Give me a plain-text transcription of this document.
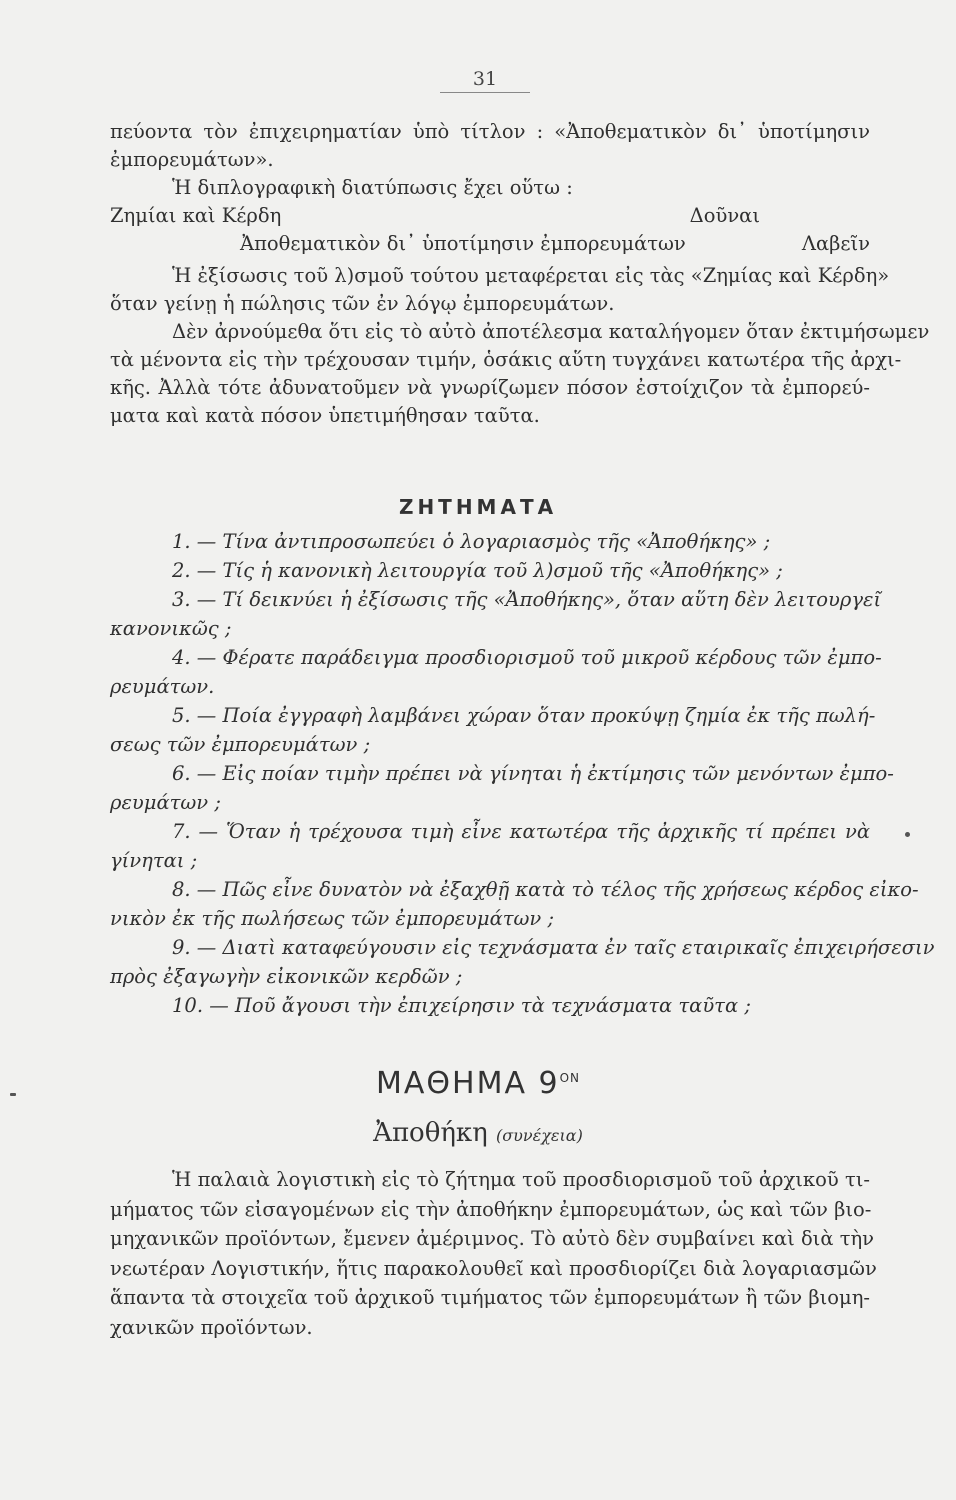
31
πεύοντα τὸν ἐπιχειρηματίαν ὑπὸ τίτλον : «Ἀποθεματικὸν δι᾽ ὑποτίμησιν
ἐμπορευμάτων».
Ἡ διπλογραφικὴ διατύπωσις ἔχει οὕτω :
Ζημίαι καὶ Κέρδη	Δοῦναι
Ἀποθεματικὸν δι᾽ ὑποτίμησιν ἐμπορευμάτων	Λαβεῖν
Ἡ ἐξίσωσις τοῦ λ)σμοῦ τούτου μεταφέρεται εἰς τὰς «Ζημίας καὶ Κέρδη»
ὅταν γείνῃ ἡ πώλησις τῶν ἐν λόγῳ ἐμπορευμάτων.
Δὲν ἀρνούμεθα ὅτι εἰς τὸ αὐτὸ ἀποτέλεσμα καταλήγομεν ὅταν ἐκτιμήσωμεν
τὰ μένοντα εἰς τὴν τρέχουσαν τιμήν, ὁσάκις αὕτη τυγχάνει κατωτέρα τῆς ἀρχι-
κῆς. Ἀλλὰ τότε ἀδυνατοῦμεν νὰ γνωρίζωμεν πόσον ἐστοίχιζον τὰ ἐμπορεύ-
ματα καὶ κατὰ πόσον ὑπετιμήθησαν ταῦτα.
ΖΗΤΗΜΑΤΑ
1. — Τίνα ἀντιπροσωπεύει ὁ λογαριασμὸς τῆς «Ἀποθήκης» ;
2. — Τίς ἡ κανονικὴ λειτουργία τοῦ λ)σμοῦ τῆς «Ἀποθήκης» ;
3. — Τί δεικνύει ἡ ἐξίσωσις τῆς «Ἀποθήκης», ὅταν αὕτη δὲν λειτουργεῖ
κανονικῶς ;
4. — Φέρατε παράδειγμα προσδιορισμοῦ τοῦ μικροῦ κέρδους τῶν ἐμπο-
ρευμάτων.
5. — Ποία ἐγγραφὴ λαμβάνει χώραν ὅταν προκύψῃ ζημία ἐκ τῆς πωλή-
σεως τῶν ἐμπορευμάτων ;
6. — Εἰς ποίαν τιμὴν πρέπει νὰ γίνηται ἡ ἐκτίμησις τῶν μενόντων ἐμπο-
ρευμάτων ;
7. — Ὅταν ἡ τρέχουσα τιμὴ εἶνε κατωτέρα τῆς ἀρχικῆς τί πρέπει νὰ
γίνηται ;
8. — Πῶς εἶνε δυνατὸν νὰ ἐξαχθῇ κατὰ τὸ τέλος τῆς χρήσεως κέρδος εἰκο-
νικὸν ἐκ τῆς πωλήσεως τῶν ἐμπορευμάτων ;
9. — Διατὶ καταφεύγουσιν εἰς τεχνάσματα ἐν ταῖς εταιρικαῖς ἐπιχειρήσεσιν
πρὸς ἐξαγωγὴν εἰκονικῶν κερδῶν ;
10. — Ποῦ ἄγουσι τὴν ἐπιχείρησιν τὰ τεχνάσματα ταῦτα ;
ΜΑΘΗΜΑ $9^{ON}$
Ἀποθήκη (συνέχεια)
Ἡ παλαιὰ λογιστικὴ εἰς τὸ ζήτημα τοῦ προσδιορισμοῦ τοῦ ἀρχικοῦ τι-
μήματος τῶν εἰσαγομένων εἰς τὴν ἀποθήκην ἐμπορευμάτων, ὡς καὶ τῶν βιο-
μηχανικῶν προϊόντων, ἔμενεν ἀμέριμνος. Τὸ αὐτὸ δὲν συμβαίνει καὶ διὰ τὴν
νεωτέραν Λογιστικήν, ἥτις παρακολουθεῖ καὶ προσδιορίζει διὰ λογαριασμῶν
ἅπαντα τὰ στοιχεῖα τοῦ ἀρχικοῦ τιμήματος τῶν ἐμπορευμάτων ἢ τῶν βιομη-
χανικῶν προϊόντων.
